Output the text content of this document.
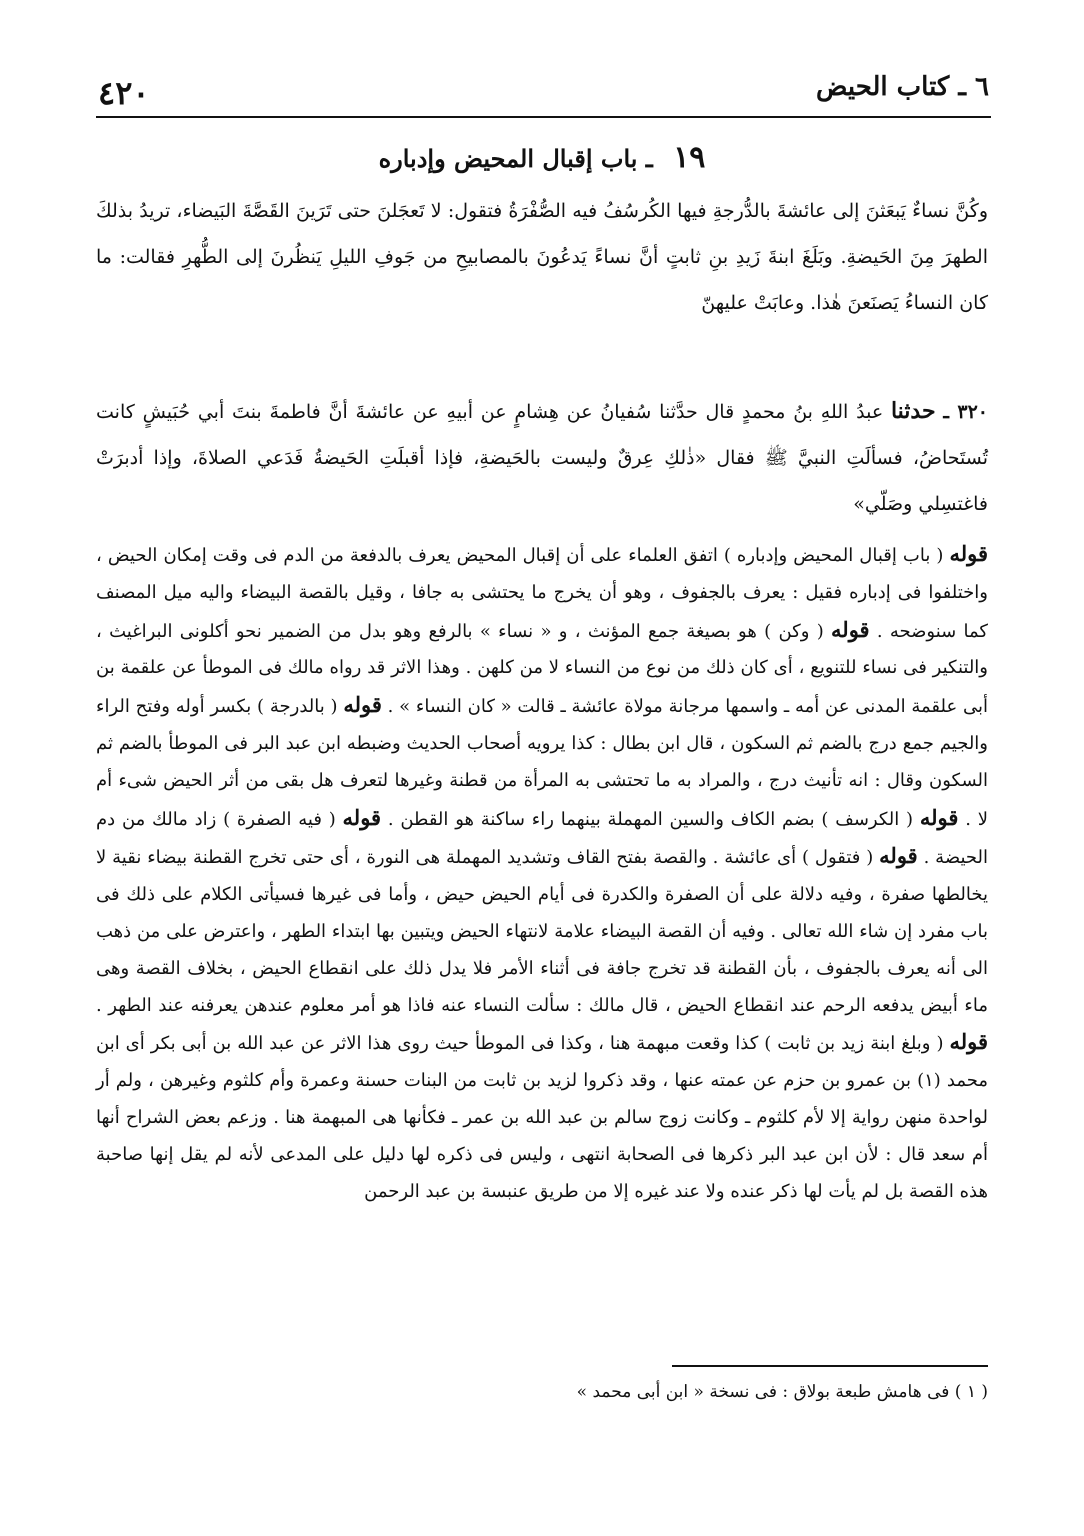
٦ ـ كتاب الحيض
٤٢٠
١٩ ـ باب إقبال المحيض وإدباره
وكُنَّ نساءٌ يَبعَثنَ إلى عائشةَ بالدُّرجةِ فيها الكُرسُفُ فيه الصُّفْرَةُ فتقول: لا تَعجَلنَ حتى تَرَينَ القَصَّةَ البَيضاء، تريدُ بذلكَ الطهرَ مِنَ الحَيضةِ. وبَلَغَ ابنةَ زَيدِ بنِ ثابتٍ أنَّ نساءً يَدعُونَ بالمصابيحِ من جَوفِ الليلِ يَنظُرنَ إلى الطُّهرِ فقالت: ما كان النساءُ يَصنَعنَ هٰذا. وعابَتْ عليهنّ
٣٢٠ ـ حدثنا عبدُ اللهِ بنُ محمدٍ قال حدَّثنا سُفيانُ عن هِشامٍ عن أبيهِ عن عائشةَ أنَّ فاطمةَ بنتَ أبي حُبَيشٍ كانت تُستَحاضُ، فسألَتِ النبيَّ ﷺ فقال «ذٰلكِ عِرقٌ وليست بالحَيضةِ، فإذا أقبلَتِ الحَيضةُ فَدَعي الصلاةَ، وإذا أدبرَتْ فاغتسِلي وصَلّي»
قوله ( باب إقبال المحيض وإدباره ) اتفق العلماء على أن إقبال المحيض يعرف بالدفعة من الدم فى وقت إمكان الحيض ، واختلفوا فى إدباره فقيل : يعرف بالجفوف ، وهو أن يخرج ما يحتشى به جافا ، وقيل بالقصة البيضاء واليه ميل المصنف كما سنوضحه . قوله ( وكن ) هو بصيغة جمع المؤنث ، و « نساء » بالرفع وهو بدل من الضمير نحو أكلونى البراغيث ، والتنكير فى نساء للتنويع ، أى كان ذلك من نوع من النساء لا من كلهن . وهذا الاثر قد رواه مالك فى الموطأ عن علقمة بن أبى علقمة المدنى عن أمه ـ واسمها مرجانة مولاة عائشة ـ قالت « كان النساء » . قوله ( بالدرجة ) بكسر أوله وفتح الراء والجيم جمع درج بالضم ثم السكون ، قال ابن بطال : كذا يرويه أصحاب الحديث وضبطه ابن عبد البر فى الموطأ بالضم ثم السكون وقال : انه تأنيث درج ، والمراد به ما تحتشى به المرأة من قطنة وغيرها لتعرف هل بقى من أثر الحيض شىء أم لا . قوله ( الكرسف ) بضم الكاف والسين المهملة بينهما راء ساكنة هو القطن . قوله ( فيه الصفرة ) زاد مالك من دم الحيضة . قوله ( فتقول ) أى عائشة . والقصة بفتح القاف وتشديد المهملة هى النورة ، أى حتى تخرج القطنة بيضاء نقية لا يخالطها صفرة ، وفيه دلالة على أن الصفرة والكدرة فى أيام الحيض حيض ، وأما فى غيرها فسيأتى الكلام على ذلك فى باب مفرد إن شاء الله تعالى . وفيه أن القصة البيضاء علامة لانتهاء الحيض ويتبين بها ابتداء الطهر ، واعترض على من ذهب الى أنه يعرف بالجفوف ، بأن القطنة قد تخرج جافة فى أثناء الأمر فلا يدل ذلك على انقطاع الحيض ، بخلاف القصة وهى ماء أبيض يدفعه الرحم عند انقطاع الحيض ، قال مالك : سألت النساء عنه فاذا هو أمر معلوم عندهن يعرفنه عند الطهر . قوله ( وبلغ ابنة زيد بن ثابت ) كذا وقعت مبهمة هنا ، وكذا فى الموطأ حيث روى هذا الاثر عن عبد الله بن أبى بكر أى ابن محمد (١) بن عمرو بن حزم عن عمته عنها ، وقد ذكروا لزيد بن ثابت من البنات حسنة وعمرة وأم كلثوم وغيرهن ، ولم أر لواحدة منهن رواية إلا لأم كلثوم ـ وكانت زوج سالم بن عبد الله بن عمر ـ فكأنها هى المبهمة هنا . وزعم بعض الشراح أنها أم سعد قال : لأن ابن عبد البر ذكرها فى الصحابة انتهى ، وليس فى ذكره لها دليل على المدعى لأنه لم يقل إنها صاحبة هذه القصة بل لم يأت لها ذكر عنده ولا عند غيره إلا من طريق عنبسة بن عبد الرحمن
( ١ ) فى هامش طبعة بولاق : فى نسخة « ابن أبى محمد »
